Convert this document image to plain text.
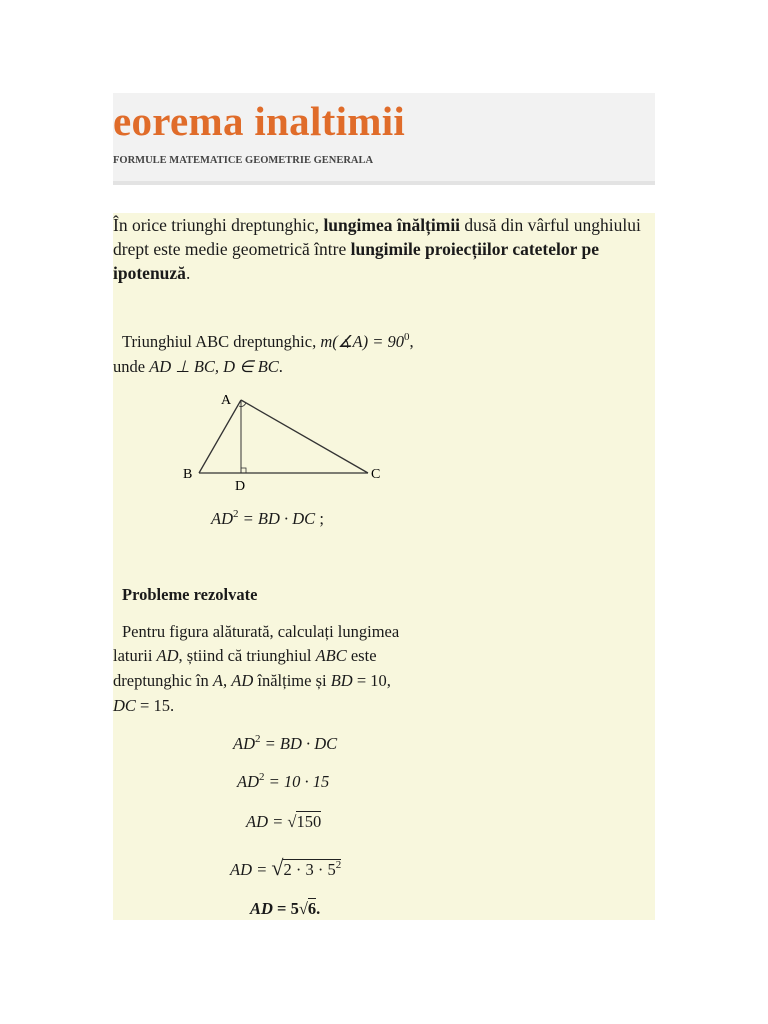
eorema inaltimii
FORMULE MATEMATICE GEOMETRIE GENERALA
În orice triunghi dreptunghic, lungimea înălțimii dusă din vârful unghiului drept este medie geometrică între lungimile proiecțiilor catetelor pe ipotenuză.
Triunghiul ABC dreptunghic, m(∡A) = $90^0$,
unde AD ⊥ BC, D ∈ BC.
A
B	C
D
$AD^2$ = BD · DC ;
Probleme rezolvate
Pentru figura alăturată, calculați lungimea
laturii AD, știind că triunghiul ABC este
dreptunghic în A, AD înălțime și BD = 10,
DC = 15.
$AD^2$ = BD · DC
$AD^2 = 10 \cdot 15$
AD = √150
AD = $√2 \cdot 3 \cdot 5^2$
AD = 5√6.
